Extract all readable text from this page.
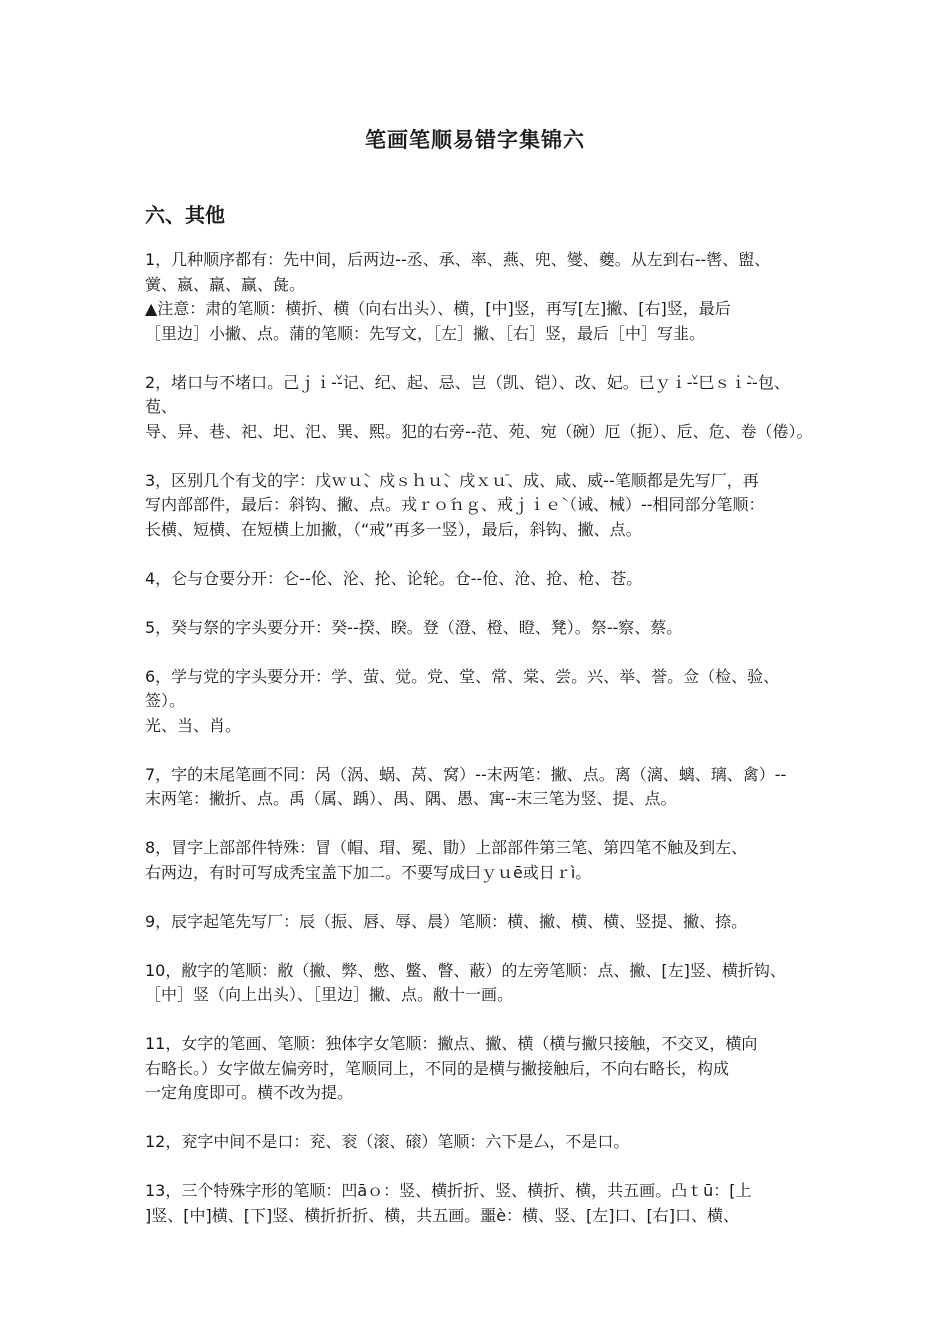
笔画笔顺易错字集锦六
六、其他

1，几种顺序都有：先中间，后两边--丞、承、率、燕、兜、燮、夔。从左到右--辔、盥、
黉、嬴、羸、赢、彘。

▲注意：肃的笔顺：横折、横（向右出头）、横，[中]竖，再写[左]撇、[右]竖，最后
［里边］小撇、点。蒲的笔顺：先写文，［左］撇、［右］竖，最后［中］写韭。

2，堵口与不堵口。己ｊｉ̌--记、纪、起、忌、岂（凯、铠）、改、妃。已ｙｉ̌--巳ｓｉ̀--包、苞、
导、异、巷、祀、圯、汜、巽、熙。犯的右旁--范、苑、宛（碗）厄（扼）、卮、危、卷（倦）。

3，区别几个有戈的字：戊ｗｕ̀、戍ｓｈｕ̀、戌ｘｕ̄、成、咸、威--笔顺都是先写厂，再
写内部部件，最后：斜钩、撇、点。戎ｒｏ́ｎｇ、戒ｊｉｅ̀（诫、械）--相同部分笔顺：
长横、短横、在短横上加撇，（“戒”再多一竖），最后，斜钩、撇、点。

4，仑与仓要分开：仑--伦、沦、抡、论轮。仓--伧、沧、抢、枪、苍。

5，癸与祭的字头要分开：癸--揆、睽。登（澄、橙、瞪、凳）。祭--察、蔡。

6，学与党的字头要分开：学、萤、觉。党、堂、常、棠、尝。兴、举、誉。佥（检、验、签）。
光、当、肖。

7，字的末尾笔画不同：呙（涡、蜗、莴、窝）--末两笔：撇、点。离（漓、螭、璃、禽）--
末两笔：撇折、点。禹（属、踽）、禺、隅、愚、寓--末三笔为竖、提、点。

8，冒字上部部件特殊：冒（帽、瑁、冕、勖）上部部件第三笔、第四笔不触及到左、
右两边，有时可写成秃宝盖下加二。不要写成曰ｙｕē或日ｒì。

9，辰字起笔先写厂：辰（振、唇、辱、晨）笔顺：横、撇、横、横、竖提、撇、捺。

10，敝字的笔顺：敝（撇、弊、憋、鳖、瞥、蔽）的左旁笔顺：点、撇、[左]竖、横折钩、
［中］竖（向上出头）、［里边］撇、点。敝十一画。

11，女字的笔画、笔顺：独体字女笔顺：撇点、撇、横（横与撇只接触，不交叉，横向
右略长。）女字做左偏旁时，笔顺同上，不同的是横与撇接触后，不向右略长，构成
一定角度即可。横不改为提。

12，兖字中间不是口：兖、衮（滚、磙）笔顺：六下是厶，不是口。

13，三个特殊字形的笔顺：凹āｏ：竖、横折折、竖、横折、横，共五画。凸ｔū：[上
]竖、[中]横、[下]竖、横折折折、横，共五画。噩è：横、竖、[左]口、[右]口、横、
